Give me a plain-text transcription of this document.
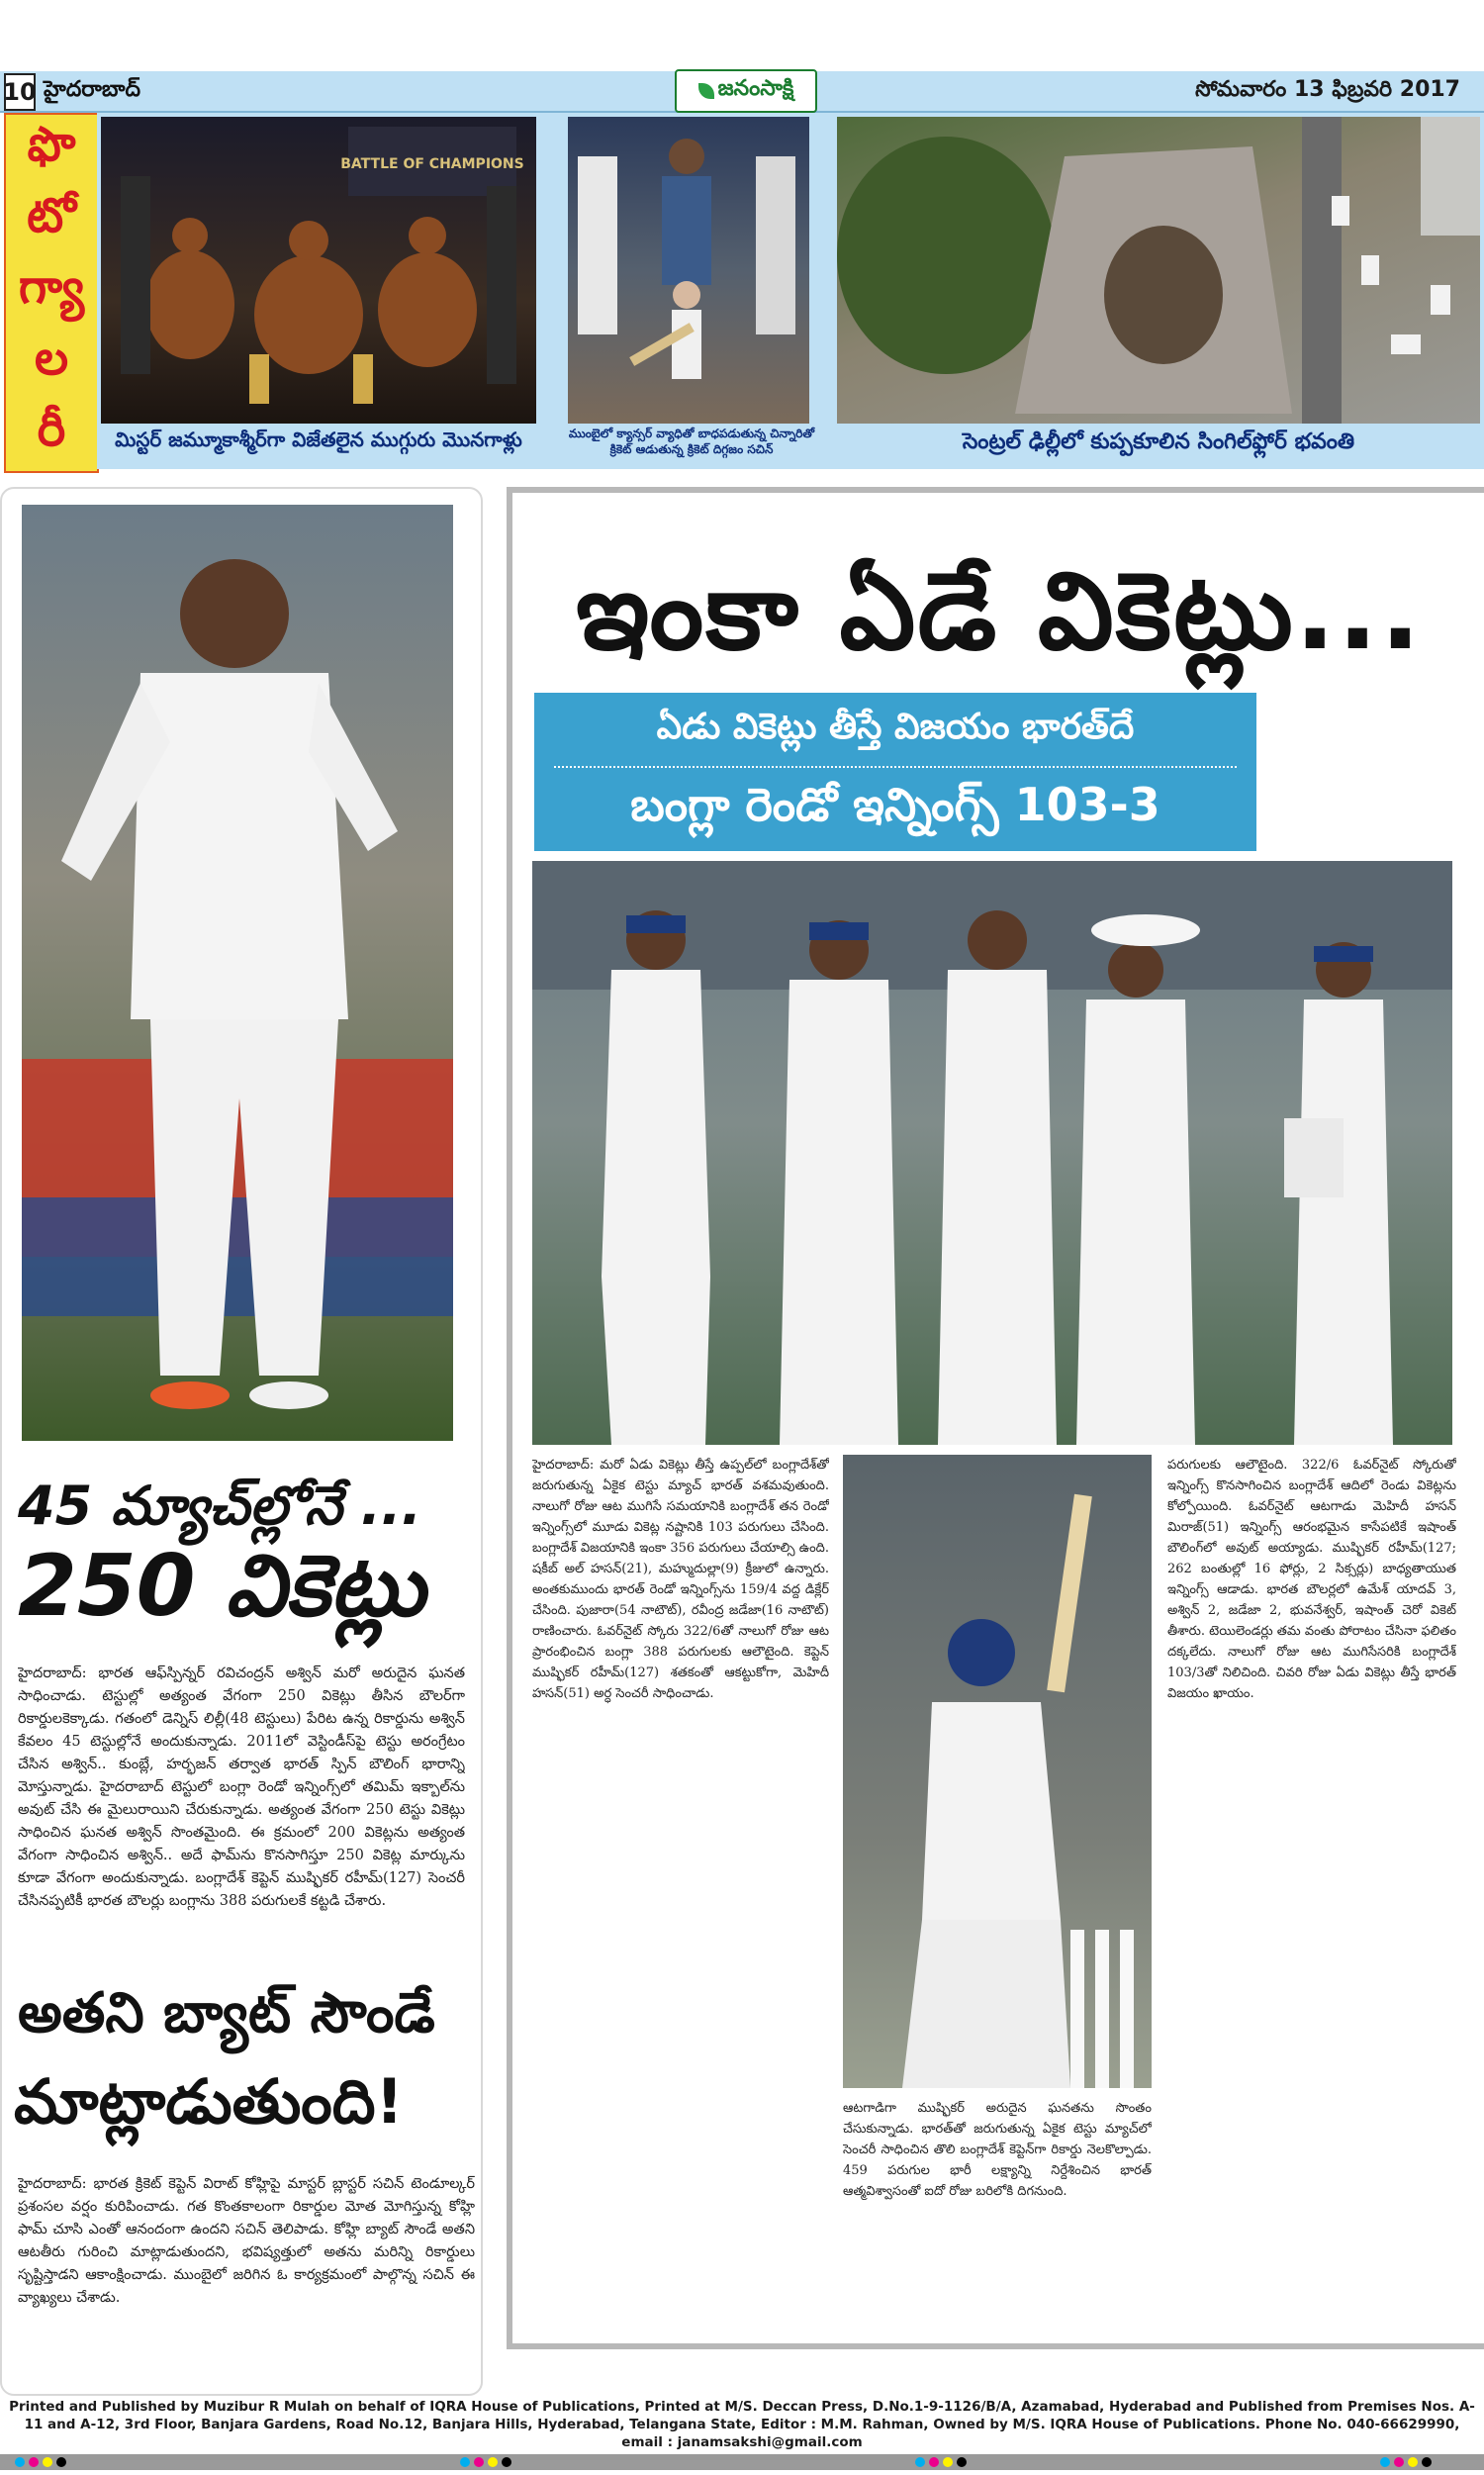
10 హైదరాబాద్	జనంసాక్షి	సోమవారం 13 ఫిబ్రవరి 2017
ఫొ
టో
గ్యా
ల
రీ
BATTLE OF CHAMPIONS
మిస్టర్ జమ్మూకాశ్మీర్‌గా విజేతలైన ముగ్గురు మొనగాళ్లు	ముంబైలో క్యాన్సర్ వ్యాధితో బాధపడుతున్న చిన్నారితో క్రికెట్ ఆడుతున్న క్రికెట్ దిగ్గజం సచిన్	సెంట్రల్ ఢిల్లీలో కుప్పకూలిన సింగిల్‌ఫ్లోర్ భవంతి
45 మ్యాచ్‌ల్లోనే ...
250 వికెట్లు
హైదరాబాద్: భారత ఆఫ్‌స్పిన్నర్ రవిచంద్రన్ అశ్విన్ మరో అరుదైన ఘనత సాధించాడు. టెస్టుల్లో అత్యంత వేగంగా 250 వికెట్లు తీసిన బౌలర్‌గా రికార్డులకెక్కాడు. గతంలో డెన్నిస్ లిల్లీ(48 టెస్టులు) పేరిట ఉన్న రికార్డును అశ్విన్ కేవలం 45 టెస్టుల్లోనే అందుకున్నాడు. 2011లో వెస్టిండీస్‌పై టెస్టు అరంగ్రేటం చేసిన అశ్విన్.. కుంబ్లే, హర్భజన్ తర్వాత భారత్ స్పిన్ బౌలింగ్ భారాన్ని మోస్తున్నాడు. హైదరాబాద్ టెస్టులో బంగ్లా రెండో ఇన్నింగ్స్‌లో తమిమ్ ఇక్బాల్‌ను అవుట్ చేసి ఈ మైలురాయిని చేరుకున్నాడు. అత్యంత వేగంగా 250 టెస్టు వికెట్లు సాధించిన ఘనత అశ్విన్ సొంతమైంది. ఈ క్రమంలో 200 వికెట్లను అత్యంత వేగంగా సాధించిన అశ్విన్.. అదే ఫామ్‌ను కొనసాగిస్తూ 250 వికెట్ల మార్కును కూడా వేగంగా అందుకున్నాడు. బంగ్లాదేశ్ కెప్టెన్ ముష్ఫికర్ రహీమ్(127) సెంచరీ చేసినప్పటికీ భారత బౌలర్లు బంగ్లాను 388 పరుగులకే కట్టడి చేశారు.
అతని బ్యాట్ సౌండే
మాట్లాడుతుంది!
హైదరాబాద్: భారత క్రికెట్ కెప్టెన్ విరాట్ కోహ్లిపై మాస్టర్ బ్లాస్టర్ సచిన్ టెండూల్కర్ ప్రశంసల వర్షం కురిపించాడు. గత కొంతకాలంగా రికార్డుల మోత మోగిస్తున్న కోహ్లి ఫామ్ చూసి ఎంతో ఆనందంగా ఉందని సచిన్ తెలిపాడు. కోహ్లి బ్యాట్ సౌండే అతని ఆటతీరు గురించి మాట్లాడుతుందని, భవిష్యత్తులో అతను మరిన్ని రికార్డులు సృష్టిస్తాడని ఆకాంక్షించాడు. ముంబైలో జరిగిన ఓ కార్యక్రమంలో పాల్గొన్న సచిన్ ఈ వ్యాఖ్యలు చేశాడు.
ఇంకా ఏడే వికెట్లు...
ఏడు వికెట్లు తీస్తే విజయం భారత్‌దే
బంగ్లా రెండో ఇన్నింగ్స్ 103-3
హైదరాబాద్: మరో ఏడు వికెట్లు తీస్తే ఉప్పల్‌లో బంగ్లాదేశ్‌తో జరుగుతున్న ఏకైక టెస్టు మ్యాచ్ భారత్ వశమవుతుంది. నాలుగో రోజు ఆట ముగిసే సమయానికి బంగ్లాదేశ్ తన రెండో ఇన్నింగ్స్‌లో మూడు వికెట్ల నష్టానికి 103 పరుగులు చేసింది. బంగ్లాదేశ్ విజయానికి ఇంకా 356 పరుగులు చేయాల్సి ఉంది. షకీబ్ అల్ హసన్(21), మహ్ముదుల్లా(9) క్రీజులో ఉన్నారు. అంతకుముందు భారత్ రెండో ఇన్నింగ్స్‌ను 159/4 వద్ద డిక్లేర్ చేసింది. పుజారా(54 నాటౌట్), రవీంద్ర జడేజా(16 నాటౌట్) రాణించారు. ఓవర్‌నైట్ స్కోరు 322/6తో నాలుగో రోజు ఆట ప్రారంభించిన బంగ్లా 388 పరుగులకు ఆలౌటైంది. కెప్టెన్ ముష్ఫికర్ రహీమ్(127) శతకంతో ఆకట్టుకోగా, మెహిదీ హసన్(51) అర్ధ సెంచరీ సాధించాడు.
ఆటగాడిగా ముష్ఫికర్ అరుదైన ఘనతను సొంతం చేసుకున్నాడు. భారత్‌తో జరుగుతున్న ఏకైక టెస్టు మ్యాచ్‌లో సెంచరీ సాధించిన తొలి బంగ్లాదేశ్ కెప్టెన్‌గా రికార్డు నెలకొల్పాడు. 459 పరుగుల భారీ లక్ష్యాన్ని నిర్దేశించిన భారత్ ఆత్మవిశ్వాసంతో ఐదో రోజు బరిలోకి దిగనుంది.
పరుగులకు ఆలౌటైంది. 322/6 ఓవర్‌నైట్ స్కోరుతో ఇన్నింగ్స్ కొనసాగించిన బంగ్లాదేశ్ ఆదిలో రెండు వికెట్లను కోల్పోయింది. ఓవర్‌నైట్ ఆటగాడు మెహిదీ హసన్ మిరాజ్(51) ఇన్నింగ్స్ ఆరంభమైన కాసేపటికే ఇషాంత్ బౌలింగ్‌లో అవుట్ అయ్యాడు. ముష్ఫికర్ రహీమ్(127; 262 బంతుల్లో 16 ఫోర్లు, 2 సిక్సర్లు) బాధ్యతాయుత ఇన్నింగ్స్ ఆడాడు. భారత బౌలర్లలో ఉమేశ్ యాదవ్ 3, అశ్విన్ 2, జడేజా 2, భువనేశ్వర్, ఇషాంత్ చెరో వికెట్ తీశారు. టెయిలెండర్లు తమ వంతు పోరాటం చేసినా ఫలితం దక్కలేదు. నాలుగో రోజు ఆట ముగిసేసరికి బంగ్లాదేశ్ 103/3తో నిలిచింది. చివరి రోజు ఏడు వికెట్లు తీస్తే భారత్ విజయం ఖాయం.
Printed and Published by Muzibur R Mulah on behalf of IQRA House of Publications, Printed at M/S. Deccan Press, D.No.1-9-1126/B/A, Azamabad, Hyderabad and Published from Premises Nos. A-11 and A-12, 3rd Floor, Banjara Gardens, Road No.12, Banjara Hills, Hyderabad, Telangana State, Editor : M.M. Rahman, Owned by M/S. IQRA House of Publications. Phone No. 040-66629990, email : janamsakshi@gmail.com
